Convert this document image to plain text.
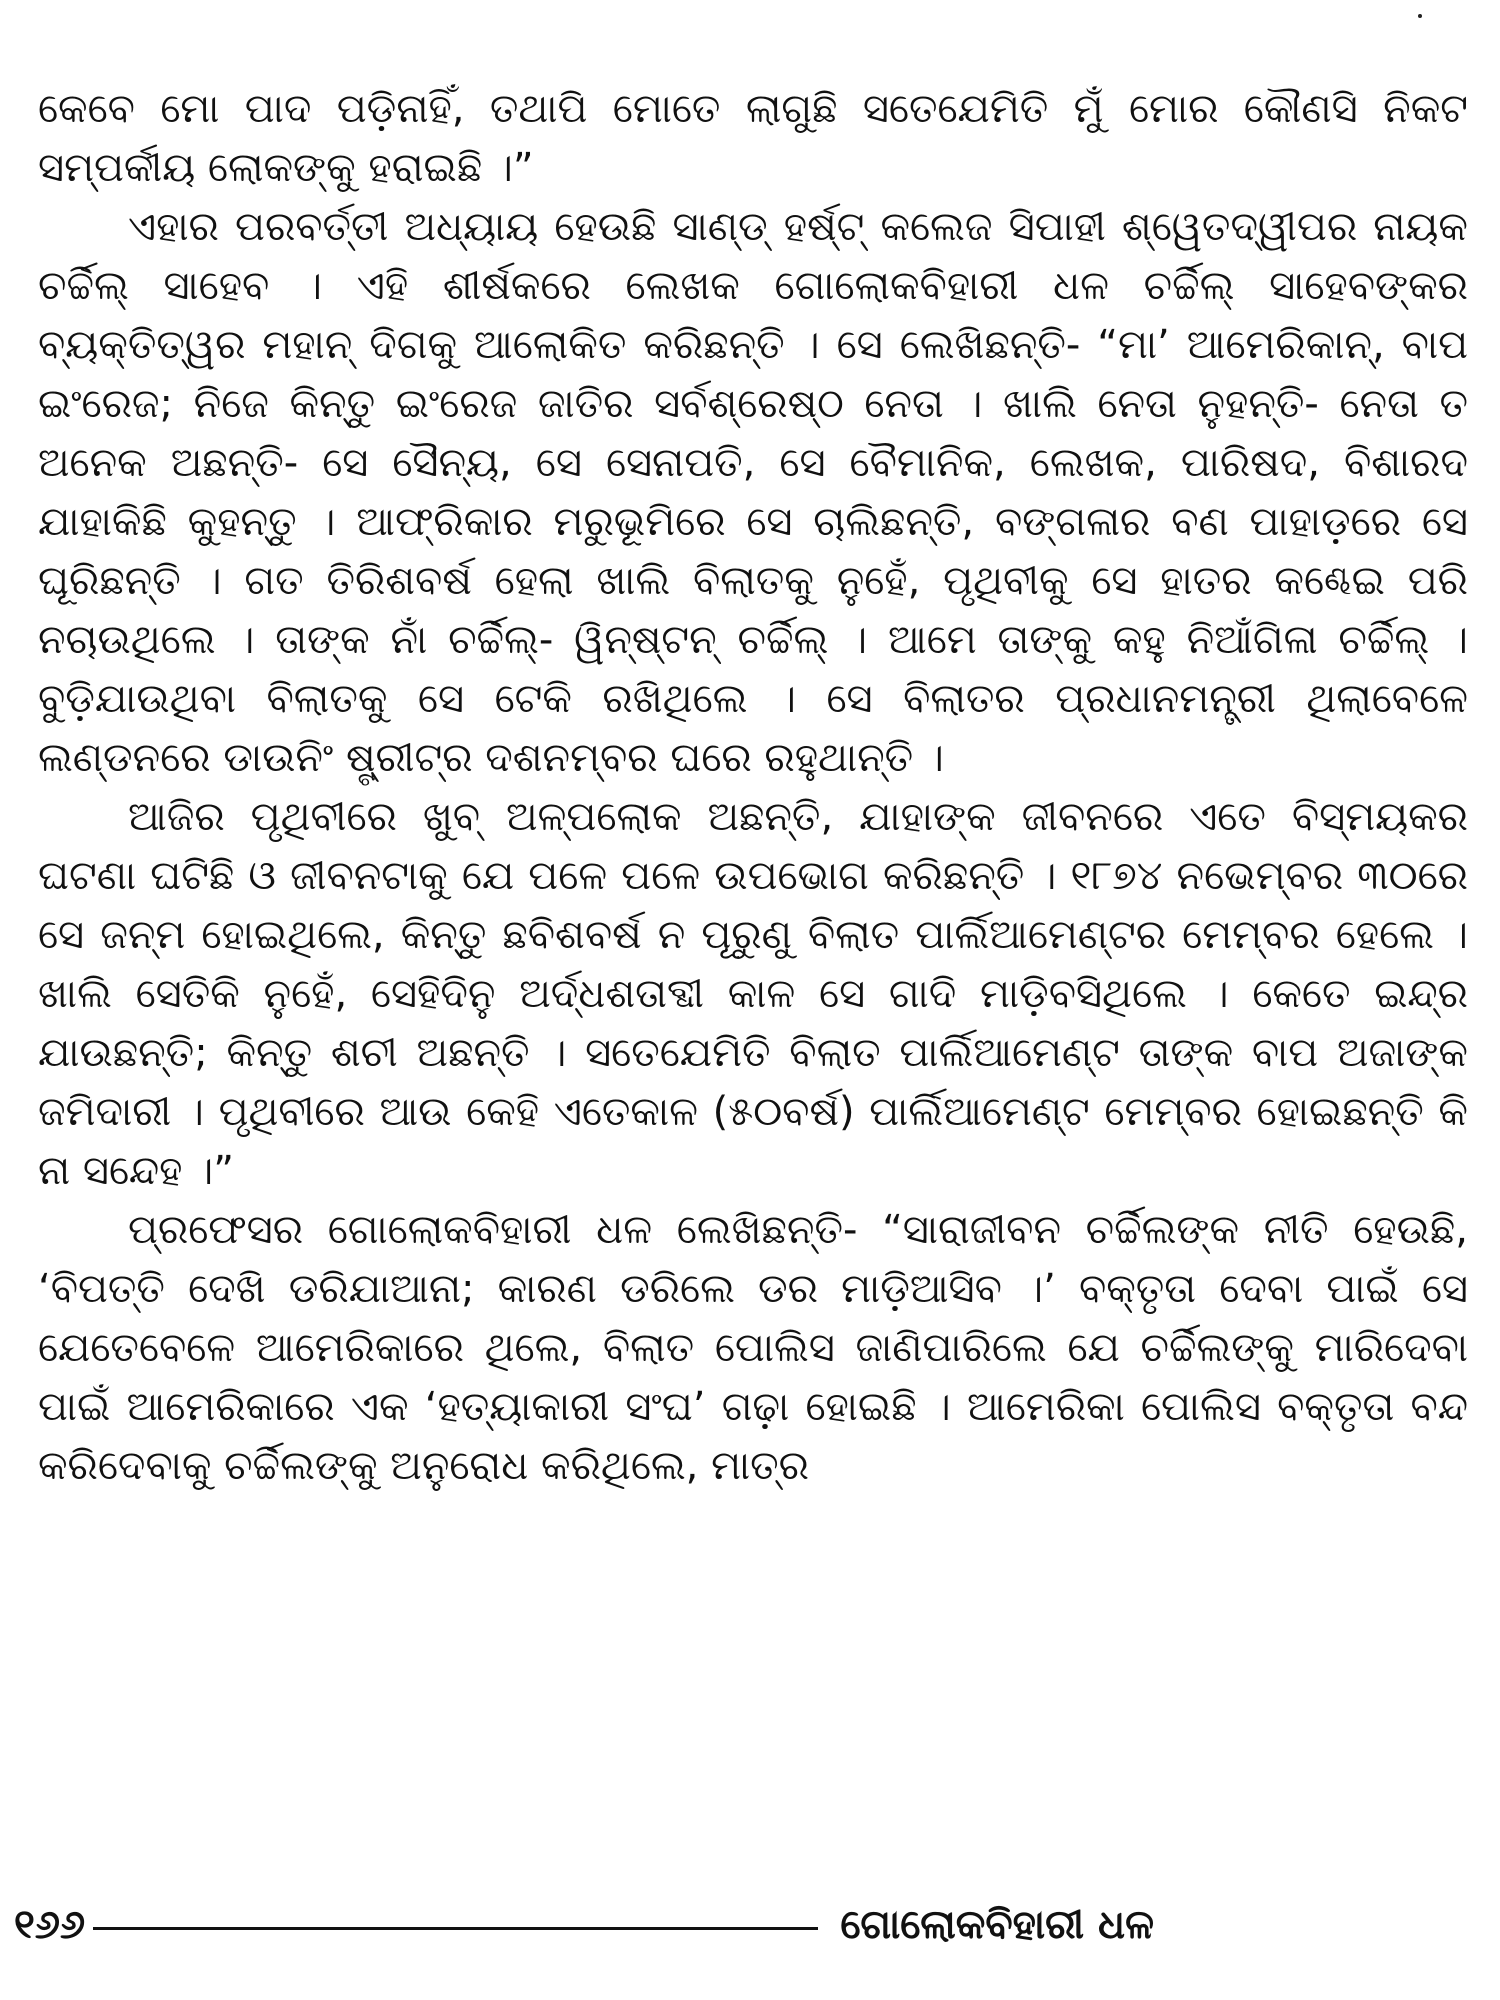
କେବେ ମୋ ପାଦ ପଡ଼ିନାହିଁ, ତଥାପି ମୋତେ ଲାଗୁଛି ସତେଯେମିତି ମୁଁ ମୋର କୌଣସି ନିକଟ ସମ୍ପର୍କୀୟ ଲୋକଙ୍କୁ ହରାଇଛି ।”

ଏହାର ପରବର୍ତ୍ତୀ ଅଧ୍ୟାୟ ହେଉଛି ସାଣ୍ଡ୍ ହର୍ଷ୍ଟ୍ କଲେଜ ସିପାହୀ ଶ୍ୱେତଦ୍ୱୀପର ନାୟକ ଚର୍ଚ୍ଚିଲ୍ ସାହେବ । ଏହି ଶୀର୍ଷକରେ ଲେଖକ ଗୋଲୋକବିହାରୀ ଧଳ ଚର୍ଚ୍ଚିଲ୍ ସାହେବଙ୍କର ବ୍ୟକ୍ତିତ୍ୱର ମହାନ୍ ଦିଗକୁ ଆଲୋକିତ କରିଛନ୍ତି । ସେ ଲେଖିଛନ୍ତି- “ମା’ ଆମେରିକାନ୍, ବାପ ଇଂରେଜ; ନିଜେ କିନ୍ତୁ ଇଂରେଜ ଜାତିର ସର୍ବଶ୍ରେଷ୍ଠ ନେତା । ଖାଲି ନେତା ନୁହନ୍ତି- ନେତା ତ ଅନେକ ଅଛନ୍ତି- ସେ ସୈନ୍ୟ, ସେ ସେନାପତି, ସେ ବୈମାନିକ, ଲେଖକ, ପାରିଷଦ, ବିଶାରଦ ଯାହାକିଛି କୁହନ୍ତୁ । ଆଫ୍ରିକାର ମରୁଭୂମିରେ ସେ ଚାଲିଛନ୍ତି, ବଙ୍ଗଳାର ବଣ ପାହାଡ଼ରେ ସେ ଘୂରିଛନ୍ତି । ଗତ ତିରିଶବର୍ଷ ହେଲା ଖାଲି ବିଲାତକୁ ନୁହେଁ, ପୃଥିବୀକୁ ସେ ହାତର କଣ୍ଢେଇ ପରି ନଚାଉଥିଲେ । ତାଙ୍କ ନାଁ ଚର୍ଚ୍ଚିଲ୍- ୱିନ୍ଷ୍ଟନ୍ ଚର୍ଚ୍ଚିଲ୍ । ଆମେ ତାଙ୍କୁ କହୁ ନିଆଁଗିଳା ଚର୍ଚ୍ଚିଲ୍ । ବୁଡ଼ିଯାଉଥିବା ବିଲାତକୁ ସେ ଟେକି ରଖିଥିଲେ । ସେ ବିଲାତର ପ୍ରଧାନମନ୍ତ୍ରୀ ଥିଲାବେଳେ ଲଣ୍ଡନରେ ଡାଉନିଂ ଷ୍ଟ୍ରୀଟ୍‌ର ଦଶନମ୍ବର ଘରେ ରହୁଥାନ୍ତି ।

ଆଜିର ପୃଥିବୀରେ ଖୁବ୍ ଅଳ୍ପଲୋକ ଅଛନ୍ତି, ଯାହାଙ୍କ ଜୀବନରେ ଏତେ ବିସ୍ମୟକର ଘଟଣା ଘଟିଛି ଓ ଜୀବନଟାକୁ ଯେ ପଳେ ପଳେ ଉପଭୋଗ କରିଛନ୍ତି । ୧୮୭୪ ନଭେମ୍ବର ୩୦ରେ ସେ ଜନ୍ମ ହୋଇଥିଲେ, କିନ୍ତୁ ଛବିଶବର୍ଷ ନ ପୂରୁଣୁ ବିଲାତ ପାର୍ଲିଆମେଣ୍ଟର ମେମ୍ବର ହେଲେ । ଖାଲି ସେତିକି ନୁହେଁ, ସେହିଦିନୁ ଅର୍ଦ୍ଧଶତାବ୍ଦୀ କାଳ ସେ ଗାଦି ମାଡ଼ିବସିଥିଲେ । କେତେ ଇନ୍ଦ୍ର ଯାଉଛନ୍ତି; କିନ୍ତୁ ଶଚୀ ଅଛନ୍ତି । ସତେଯେମିତି ବିଲାତ ପାର୍ଲିଆମେଣ୍ଟ ତାଙ୍କ ବାପ ଅଜାଙ୍କ ଜମିଦାରୀ । ପୃଥିବୀରେ ଆଉ କେହି ଏତେକାଳ (୫୦ବର୍ଷ) ପାର୍ଲିଆମେଣ୍ଟ ମେମ୍ବର ହୋଇଛନ୍ତି କି ନା ସନ୍ଦେହ ।”

ପ୍ରଫେସର ଗୋଲୋକବିହାରୀ ଧଳ ଲେଖିଛନ୍ତି- “ସାରାଜୀବନ ଚର୍ଚ୍ଚିଲଙ୍କ ନୀତି ହେଉଛି, ‘ବିପତ୍ତି ଦେଖି ଡରିଯାଆନା; କାରଣ ଡରିଲେ ଡର ମାଡ଼ିଆସିବ ।’ ବକ୍ତୃତା ଦେବା ପାଇଁ ସେ ଯେତେବେଳେ ଆମେରିକାରେ ଥିଲେ, ବିଲାତ ପୋଲିସ ଜାଣିପାରିଲେ ଯେ ଚର୍ଚ୍ଚିଲଙ୍କୁ ମାରିଦେବା ପାଇଁ ଆମେରିକାରେ ଏକ ‘ହତ୍ୟାକାରୀ ସଂଘ’ ଗଢ଼ା ହୋଇଛି । ଆମେରିକା ପୋଲିସ ବକ୍ତୃତା ବନ୍ଦ କରିଦେବାକୁ ଚର୍ଚ୍ଚିଲଙ୍କୁ ଅନୁରୋଧ କରିଥିଲେ, ମାତ୍ର

୧୬୬	ଗୋଲୋକବିହାରୀ ଧଳ
